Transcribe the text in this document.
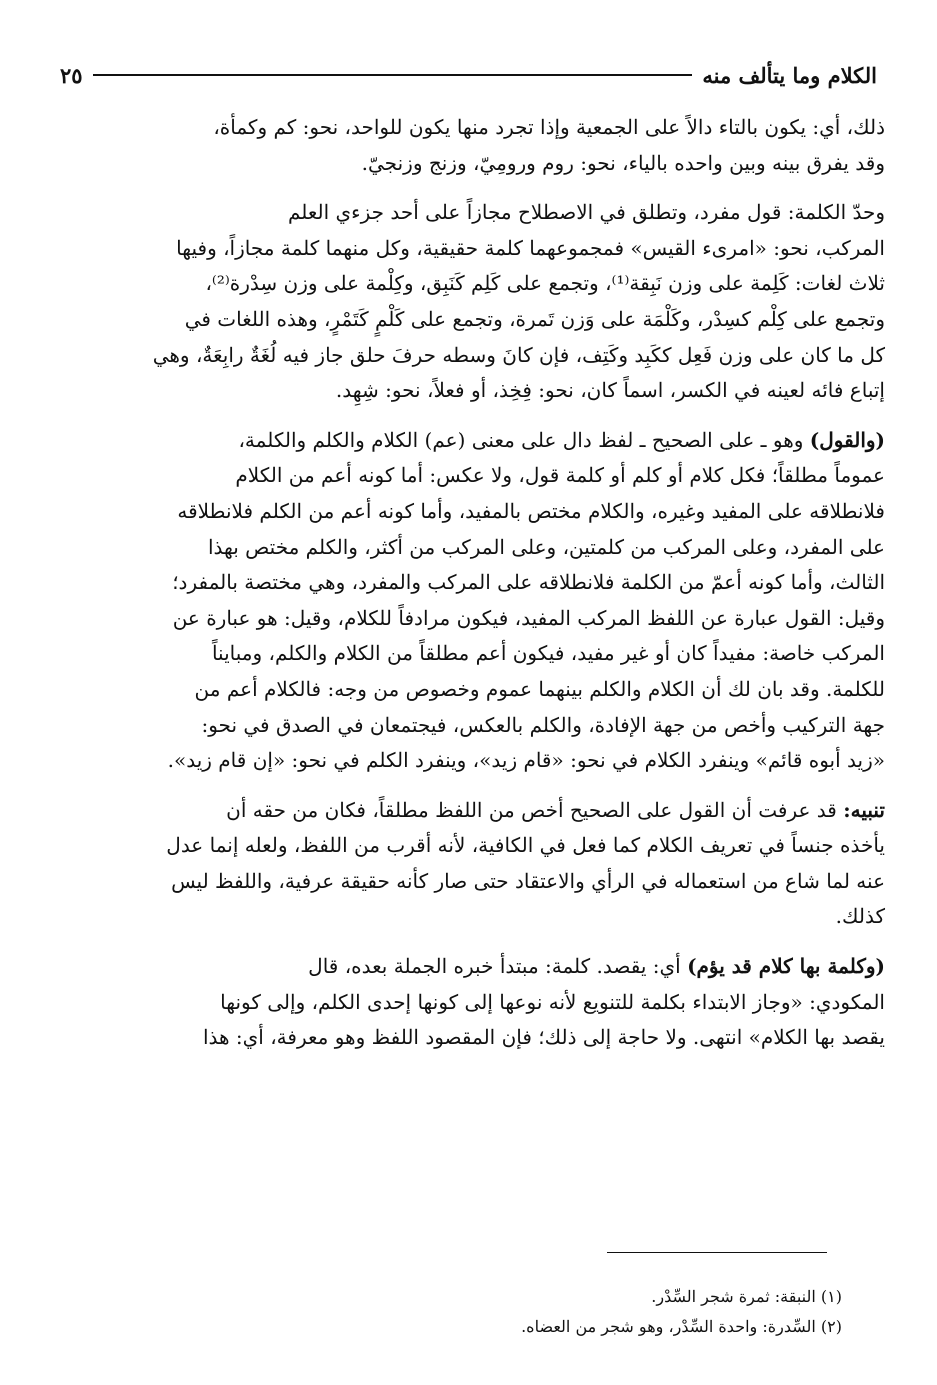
الكلام وما يتألف منه
٢٥

ذلك، أي: يكون بالتاء دالاً على الجمعية وإذا تجرد منها يكون للواحد، نحو: كم وكمأة،

وقد يفرق بينه وبين واحده بالياء، نحو: روم ورومِيّ، وزنج وزنجيّ.

وحدّ الكلمة: قول مفرد، وتطلق في الاصطلاح مجازاً على أحد جزءي العلم

المركب، نحو: «امرىء القيس» فمجموعهما كلمة حقيقية، وكل منهما كلمة مجازاً، وفيها

ثلاث لغات: كَلِمة على وزن نَبِقة⁽¹⁾، وتجمع على كَلِم كَنَبِق، وكِلْمة على وزن سِدْرة⁽²⁾،

وتجمع على كِلْم كسِدْر، وكَلْمَة على وَزن تَمرة، وتجمع على كَلْمٍ كَتَمْرٍ، وهذه اللغات في

كل ما كان على وزن فَعِل ككَبِد وكَتِف، فإن كانَ وسطه حرفَ حلق جاز فيه لُغَةٌ رابِعَةٌ، وهي

إتباع فائه لعينه في الكسر، اسماً كان، نحو: فِخِذ، أو فعلاً، نحو: شِهِد.

(والقول) وهو ـ على الصحيح ـ لفظ دال على معنى (عم) الكلام والكلم والكلمة،

عموماً مطلقاً؛ فكل كلام أو كلم أو كلمة قول، ولا عكس: أما كونه أعم من الكلام

فلانطلاقه على المفيد وغيره، والكلام مختص بالمفيد، وأما كونه أعم من الكلم فلانطلاقه

على المفرد، وعلى المركب من كلمتين، وعلى المركب من أكثر، والكلم مختص بهذا

الثالث، وأما كونه أعمّ من الكلمة فلانطلاقه على المركب والمفرد، وهي مختصة بالمفرد؛

وقيل: القول عبارة عن اللفظ المركب المفيد، فيكون مرادفاً للكلام، وقيل: هو عبارة عن

المركب خاصة: مفيداً كان أو غير مفيد، فيكون أعم مطلقاً من الكلام والكلم، ومبايناً

للكلمة. وقد بان لك أن الكلام والكلم بينهما عموم وخصوص من وجه: فالكلام أعم من

جهة التركيب وأخص من جهة الإفادة، والكلم بالعكس، فيجتمعان في الصدق في نحو:

«زيد أبوه قائم» وينفرد الكلام في نحو: «قام زيد»، وينفرد الكلم في نحو: «إن قام زيد».

تنبيه: قد عرفت أن القول على الصحيح أخص من اللفظ مطلقاً، فكان من حقه أن

يأخذه جنساً في تعريف الكلام كما فعل في الكافية، لأنه أقرب من اللفظ، ولعله إنما عدل

عنه لما شاع من استعماله في الرأي والاعتقاد حتى صار كأنه حقيقة عرفية، واللفظ ليس

كذلك.

(وكلمة بها كلام قد يؤم) أي: يقصد. كلمة: مبتدأ خبره الجملة بعده، قال

المكودي: «وجاز الابتداء بكلمة للتنويع لأنه نوعها إلى كونها إحدى الكلم، وإلى كونها

يقصد بها الكلام» انتهى. ولا حاجة إلى ذلك؛ فإن المقصود اللفظ وهو معرفة، أي: هذا

(١) النبقة: ثمرة شجر السِّدْر.

(٢) السِّدرة: واحدة السِّدْر، وهو شجر من العضاه.
